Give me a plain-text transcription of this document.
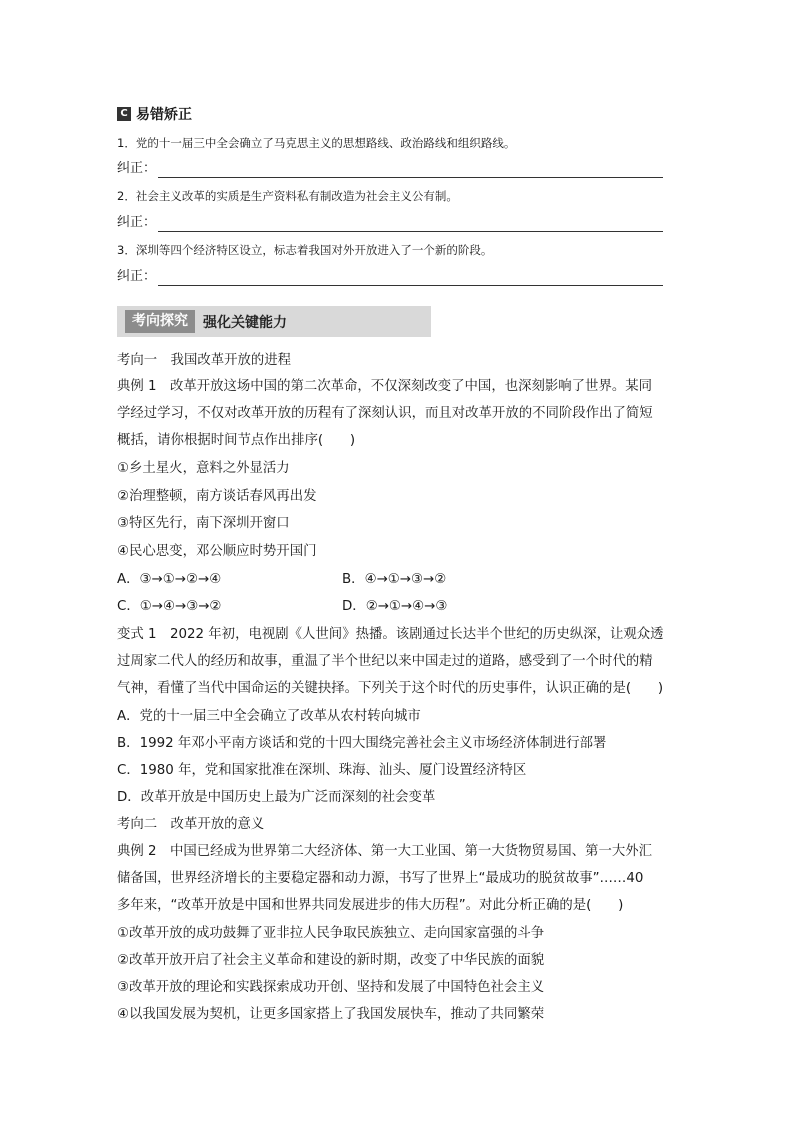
C 易错矫正
1．党的十一届三中全会确立了马克思主义的思想路线、政治路线和组织路线。
纠正：
2．社会主义改革的实质是生产资料私有制改造为社会主义公有制。
纠正：
3．深圳等四个经济特区设立，标志着我国对外开放进入了一个新的阶段。
纠正：
考向探究	强化关键能力
考向一　我国改革开放的进程
典例 1　改革开放这场中国的第二次革命，不仅深刻改变了中国，也深刻影响了世界。某同
学经过学习，不仅对改革开放的历程有了深刻认识，而且对改革开放的不同阶段作出了简短
概括，请你根据时间节点作出排序(　　)
①乡土星火，意料之外显活力
②治理整顿，南方谈话春风再出发
③特区先行，南下深圳开窗口
④民心思变，邓公顺应时势开国门
A．③→①→②→④	B．④→①→③→②
C．①→④→③→②	D．②→①→④→③
变式 1　2022 年初，电视剧《人世间》热播。该剧通过长达半个世纪的历史纵深，让观众透
过周家二代人的经历和故事，重温了半个世纪以来中国走过的道路，感受到了一个时代的精
气神，看懂了当代中国命运的关键抉择。下列关于这个时代的历史事件，认识正确的是(　　)
A．党的十一届三中全会确立了改革从农村转向城市
B．1992 年邓小平南方谈话和党的十四大围绕完善社会主义市场经济体制进行部署
C．1980 年，党和国家批准在深圳、珠海、汕头、厦门设置经济特区
D．改革开放是中国历史上最为广泛而深刻的社会变革
考向二　改革开放的意义
典例 2　中国已经成为世界第二大经济体、第一大工业国、第一大货物贸易国、第一大外汇
储备国，世界经济增长的主要稳定器和动力源，书写了世界上“最成功的脱贫故事”……40
多年来，“改革开放是中国和世界共同发展进步的伟大历程”。对此分析正确的是(　　)
①改革开放的成功鼓舞了亚非拉人民争取民族独立、走向国家富强的斗争
②改革开放开启了社会主义革命和建设的新时期，改变了中华民族的面貌
③改革开放的理论和实践探索成功开创、坚持和发展了中国特色社会主义
④以我国发展为契机，让更多国家搭上了我国发展快车，推动了共同繁荣
